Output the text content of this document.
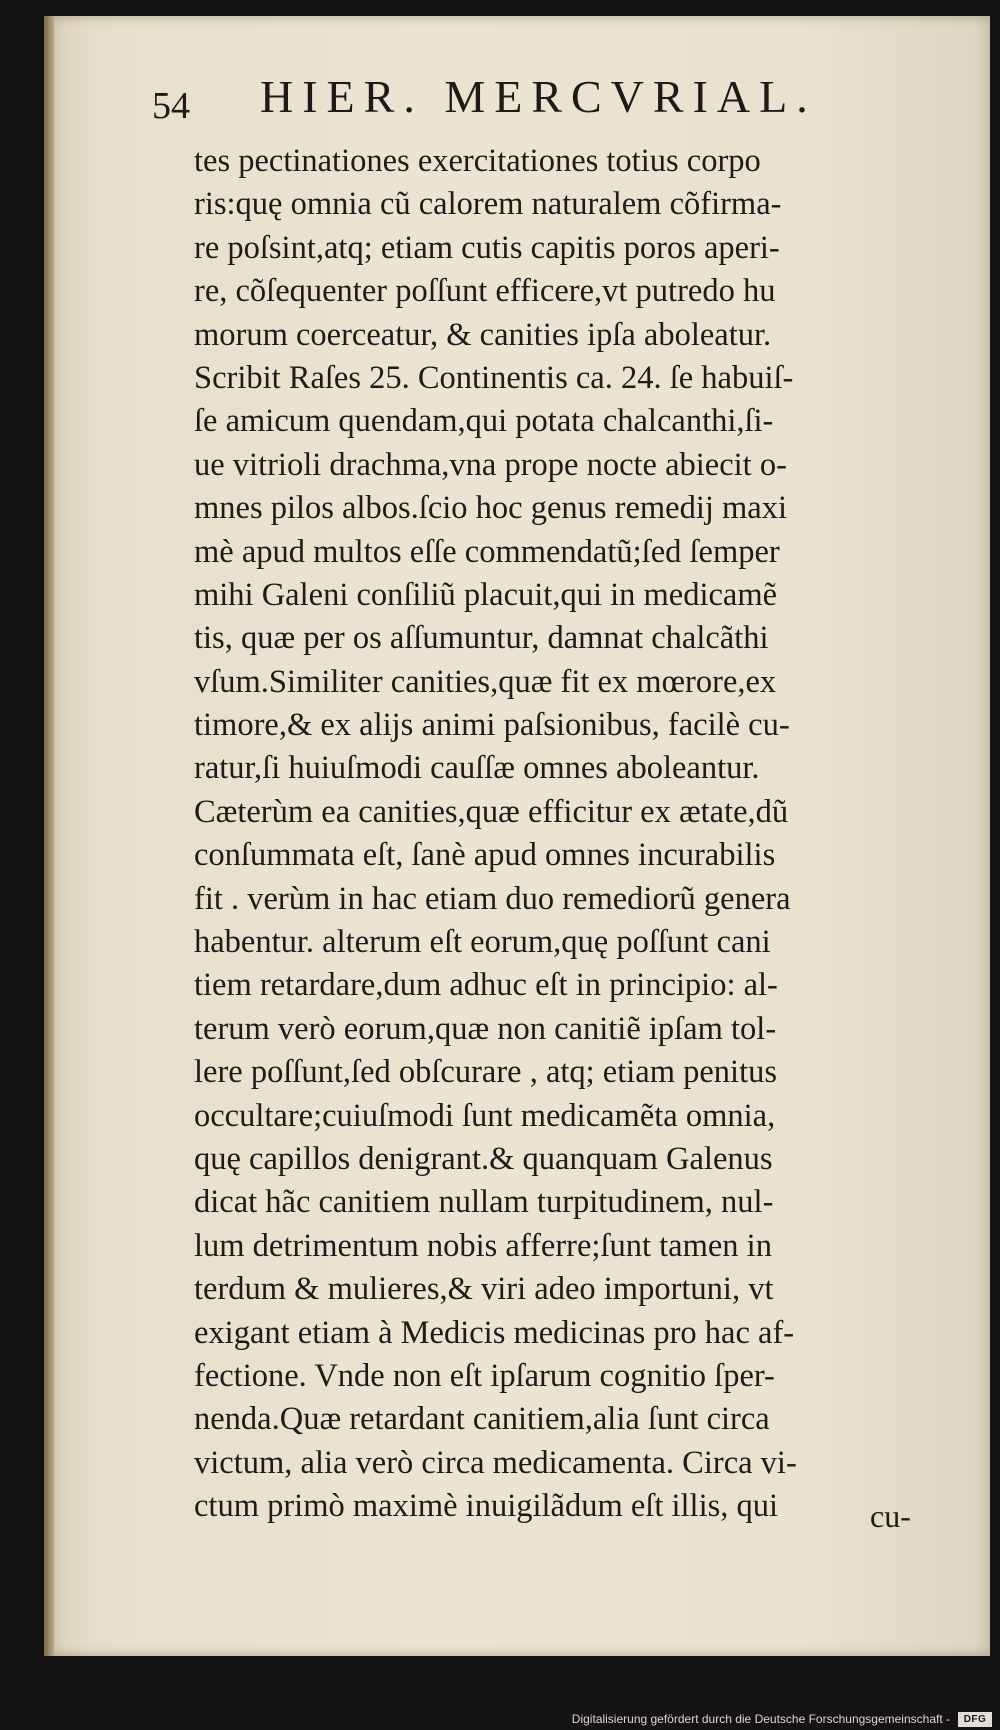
54 HIER. MERCVRIAL.
tes pectinationes exercitationes totius corpo
ris:quę omnia cũ calorem naturalem cõfirma-
re poſsint,atq; etiam cutis capitis poros aperi-
re, cõſequenter poſſunt efficere,vt putredo hu
morum coerceatur, & canities ipſa aboleatur.
Scribit Raſes 25. Continentis ca. 24. ſe habuiſ-
ſe amicum quendam,qui potata chalcanthi,ſi-
ue vitrioli drachma,vna prope nocte abiecit o-
mnes pilos albos.ſcio hoc genus remedij maxi
mè apud multos eſſe commendatũ;ſed ſemper
mihi Galeni conſiliũ placuit,qui in medicamẽ
tis, quæ per os aſſumuntur, damnat chalcãthi
vſum.Similiter canities,quæ fit ex mœrore,ex
timore,& ex alijs animi paſsionibus, facilè cu-
ratur,ſi huiuſmodi cauſſæ omnes aboleantur.
Cæterùm ea canities,quæ efficitur ex ætate,dũ
conſummata eſt, ſanè apud omnes incurabilis
fit . verùm in hac etiam duo remediorũ genera
habentur. alterum eſt eorum,quę poſſunt cani
tiem retardare,dum adhuc eſt in principio: al-
terum verò eorum,quæ non canitiẽ ipſam tol-
lere poſſunt,ſed obſcurare , atq; etiam penitus
occultare;cuiuſmodi ſunt medicamẽta omnia,
quę capillos denigrant.& quanquam Galenus
dicat hãc canitiem nullam turpitudinem, nul-
lum detrimentum nobis afferre;ſunt tamen in
terdum & mulieres,& viri adeo importuni, vt
exigant etiam à Medicis medicinas pro hac af-
fectione. Vnde non eſt ipſarum cognitio ſper-
nenda.Quæ retardant canitiem,alia ſunt circa
victum, alia verò circa medicamenta. Circa vi-
ctum primò maximè inuigilãdum eſt illis, qui	cu-
Digitalisierung gefördert durch die Deutsche Forschungsgemeinschaft -	DFG
